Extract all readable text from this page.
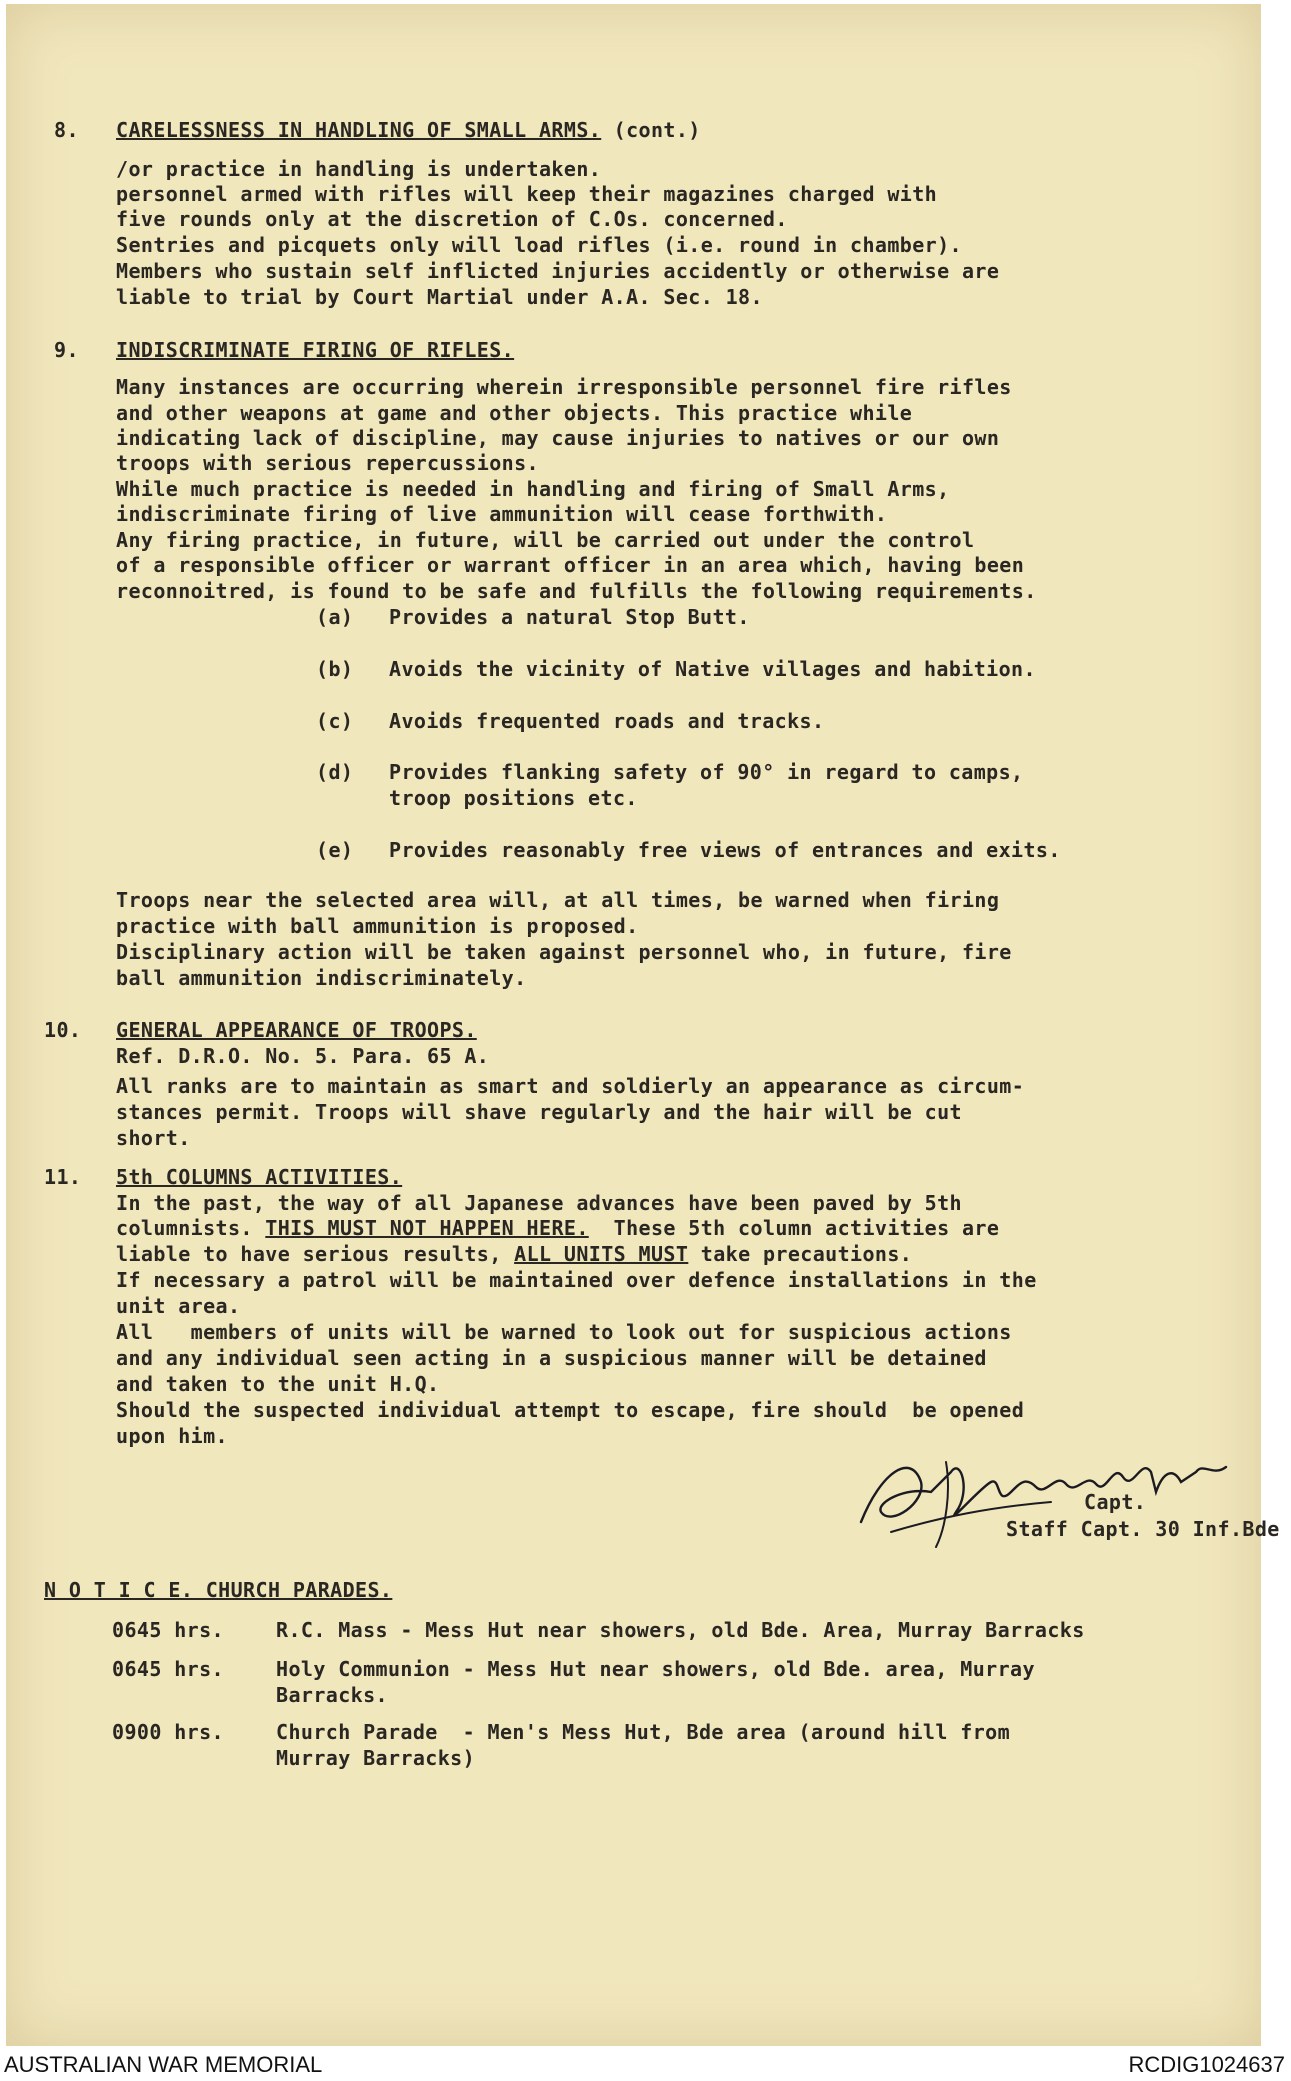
8. CARELESSNESS IN HANDLING OF SMALL ARMS. (cont.)
/or practice in handling is undertaken.
personnel armed with rifles will keep their magazines charged with
five rounds only at the discretion of C.Os. concerned.
Sentries and picquets only will load rifles (i.e. round in chamber).
Members who sustain self inflicted injuries accidently or otherwise are
liable to trial by Court Martial under A.A. Sec. 18.
9. INDISCRIMINATE FIRING OF RIFLES.
Many instances are occurring wherein irresponsible personnel fire rifles
and other weapons at game and other objects. This practice while
indicating lack of discipline, may cause injuries to natives or our own
troops with serious repercussions.
While much practice is needed in handling and firing of Small Arms,
indiscriminate firing of live ammunition will cease forthwith.
Any firing practice, in future, will be carried out under the control
of a responsible officer or warrant officer in an area which, having been
reconnoitred, is found to be safe and fulfills the following requirements.
(a) Provides a natural Stop Butt.
(b) Avoids the vicinity of Native villages and habition.
(c) Avoids frequented roads and tracks.
(d) Provides flanking safety of 90° in regard to camps,
troop positions etc.
(e) Provides reasonably free views of entrances and exits.
Troops near the selected area will, at all times, be warned when firing
practice with ball ammunition is proposed.
Disciplinary action will be taken against personnel who, in future, fire
ball ammunition indiscriminately.
10. GENERAL APPEARANCE OF TROOPS.
Ref. D.R.O. No. 5. Para. 65 A.
All ranks are to maintain as smart and soldierly an appearance as circum-
stances permit. Troops will shave regularly and the hair will be cut
short.
11. 5th COLUMNS ACTIVITIES.
In the past, the way of all Japanese advances have been paved by 5th
columnists. THIS MUST NOT HAPPEN HERE.  These 5th column activities are
liable to have serious results, ALL UNITS MUST take precautions.
If necessary a patrol will be maintained over defence installations in the
unit area.
All   members of units will be warned to look out for suspicious actions
and any individual seen acting in a suspicious manner will be detained
and taken to the unit H.Q.
Should the suspected individual attempt to escape, fire should  be opened
upon him.
Capt.
Staff Capt. 30 Inf.Bde
N O T I C E. CHURCH PARADES.
0645 hrs.	R.C. Mass - Mess Hut near showers, old Bde. Area, Murray Barracks
0645 hrs.	Holy Communion - Mess Hut near showers, old Bde. area, Murray
Barracks.
0900 hrs.	Church Parade  - Men's Mess Hut, Bde area (around hill from
Murray Barracks)
AUSTRALIAN WAR MEMORIAL	RCDIG1024637
